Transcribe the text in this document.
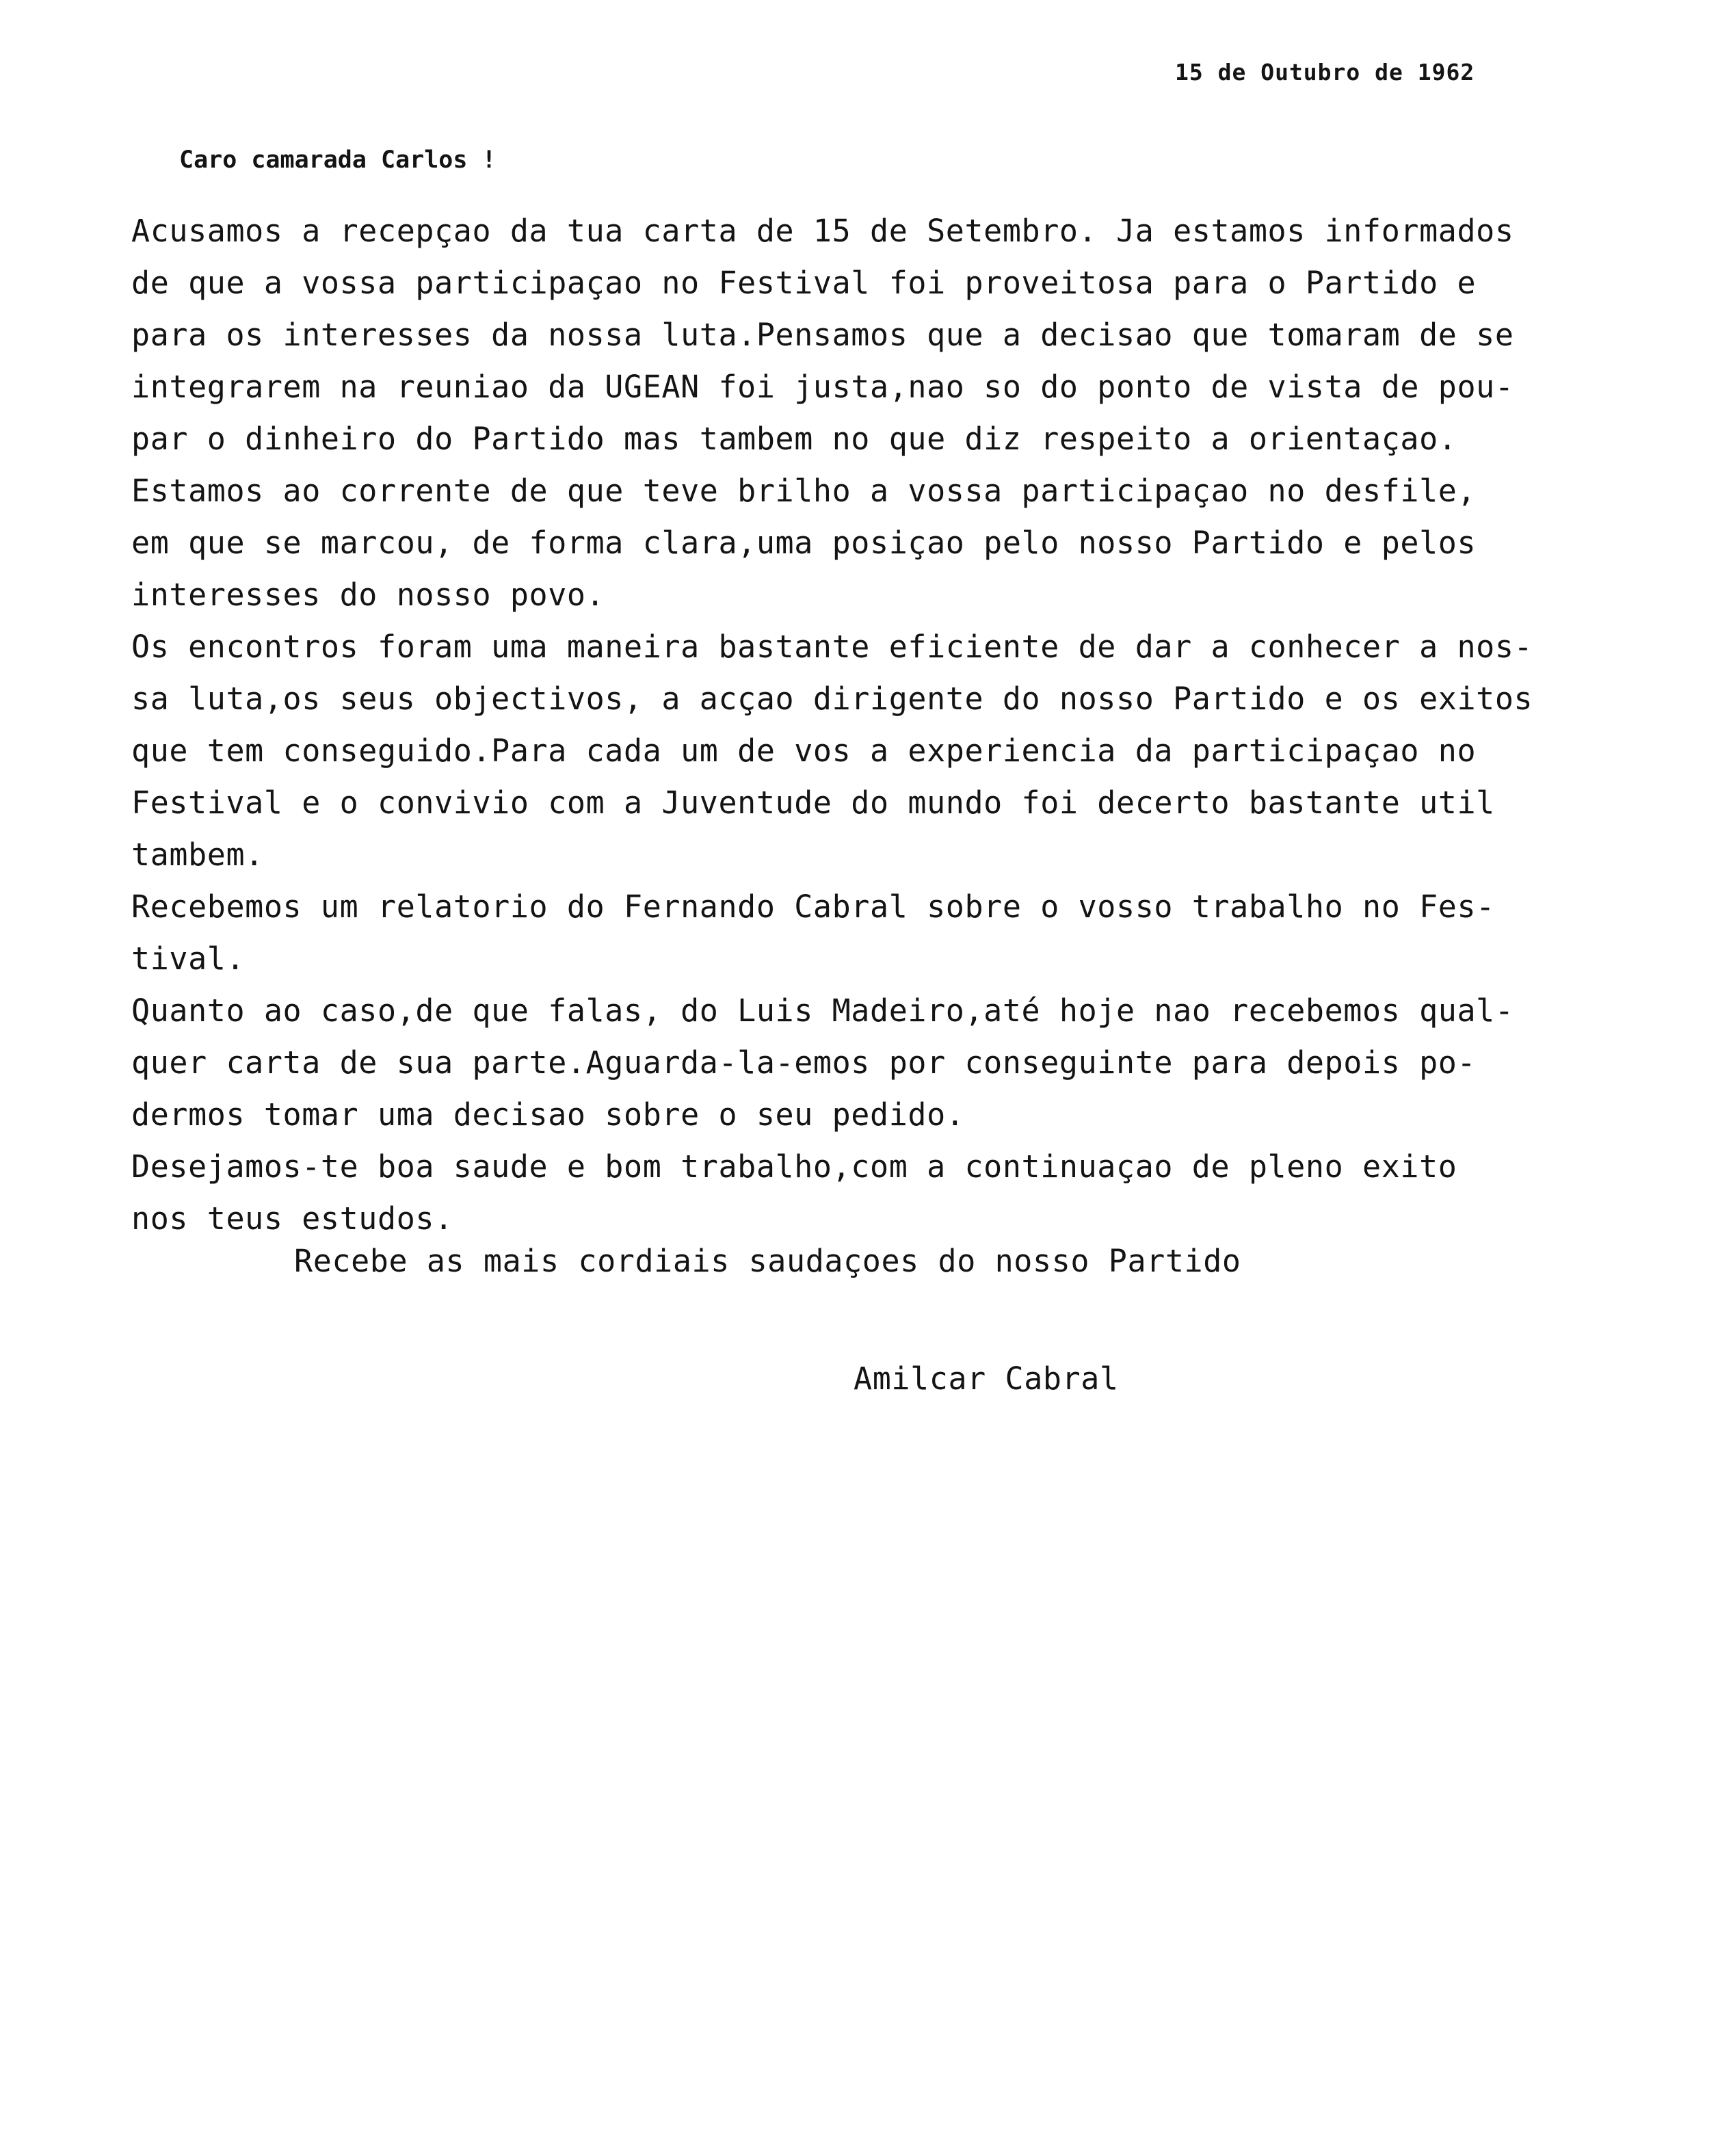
15 de Outubro de 1962
Caro camarada Carlos !
Acusamos a recepçao da tua carta de 15 de Setembro. Ja estamos informados
de que a vossa participaçao no Festival foi proveitosa para o Partido e
para os interesses da nossa luta.Pensamos que a decisao que tomaram de se
integrarem na reuniao da UGEAN foi justa,nao so do ponto de vista de pou-
par o dinheiro do Partido mas tambem no que diz respeito a orientaçao.
Estamos ao corrente de que teve brilho a vossa participaçao no desfile,
em que se marcou, de forma clara,uma posiçao pelo nosso Partido e pelos
interesses do nosso povo.
Os encontros foram uma maneira bastante eficiente de dar a conhecer a nos-
sa luta,os seus objectivos, a acçao dirigente do nosso Partido e os exitos
que tem conseguido.Para cada um de vos a experiencia da participaçao no
Festival e o convivio com a Juventude do mundo foi decerto bastante util
tambem.
Recebemos um relatorio do Fernando Cabral sobre o vosso trabalho no Fes-
tival.
Quanto ao caso,de que falas, do Luis Madeiro,até hoje nao recebemos qual-
quer carta de sua parte.Aguarda-la-emos por conseguinte para depois po-
dermos tomar uma decisao sobre o seu pedido.
Desejamos-te boa saude e bom trabalho,com a continuaçao de pleno exito
nos teus estudos.
Recebe as mais cordiais saudaçoes do nosso Partido
Amilcar Cabral
